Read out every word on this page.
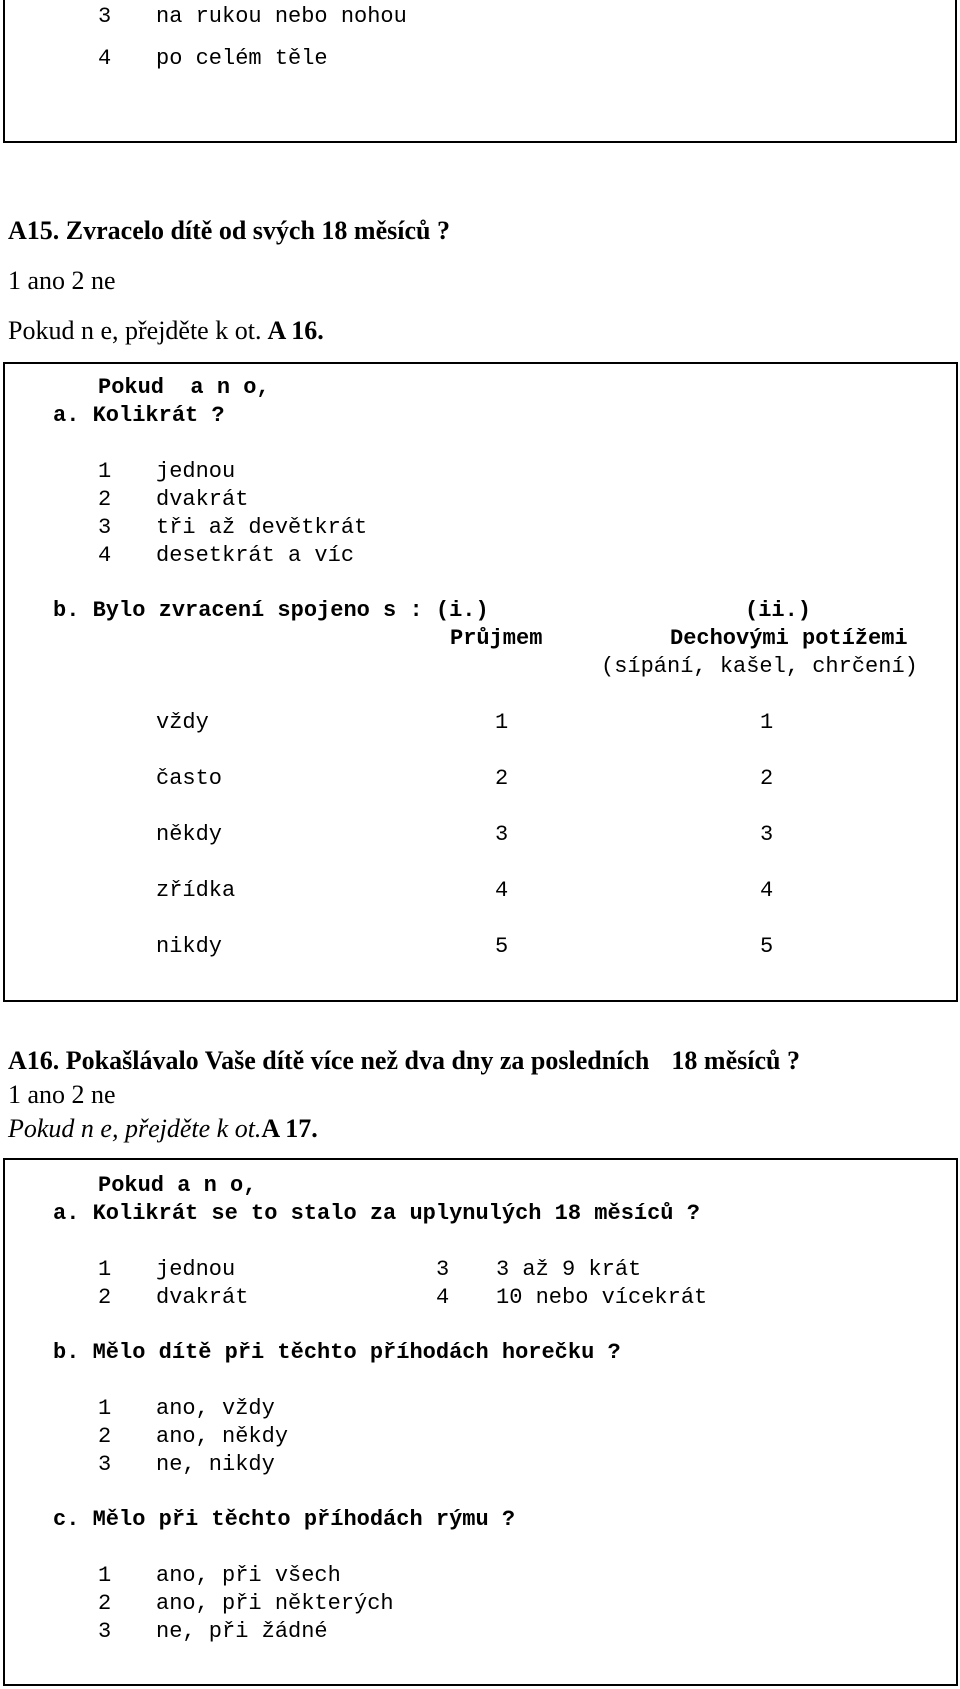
3 na rukou nebo nohou
4 po celém těle
A15. Zvracelo dítě od svých 18 měsíců ?
1 ano 2 ne
Pokud n e, přejděte k ot. A 16.
Pokud  a n o,
a. Kolikrát ?
1 jednou
2 dvakrát
3 tři až devětkrát
4 desetkrát a víc
b. Bylo zvracení spojeno s : (i.)	(ii.)
Průjmem	Dechovými potížemi
(sípání, kašel, chrčení)
vždy	1	1
často	2	2
někdy	3	3
zřídka	4	4
nikdy	5	5
A16. Pokašlávalo Vaše dítě více než dva dny za posledních 18 měsíců ?
1 ano 2 ne
Pokud n e, přejděte k ot.A 17.
Pokud a n o,
a. Kolikrát se to stalo za uplynulých 18 měsíců ?
1 jednou	3 3 až 9 krát
2 dvakrát	4 10 nebo vícekrát
b. Mělo dítě při těchto příhodách horečku ?
1 ano, vždy
2 ano, někdy
3 ne, nikdy
c. Mělo při těchto příhodách rýmu ?
1 ano, při všech
2 ano, při některých
3 ne, při žádné
